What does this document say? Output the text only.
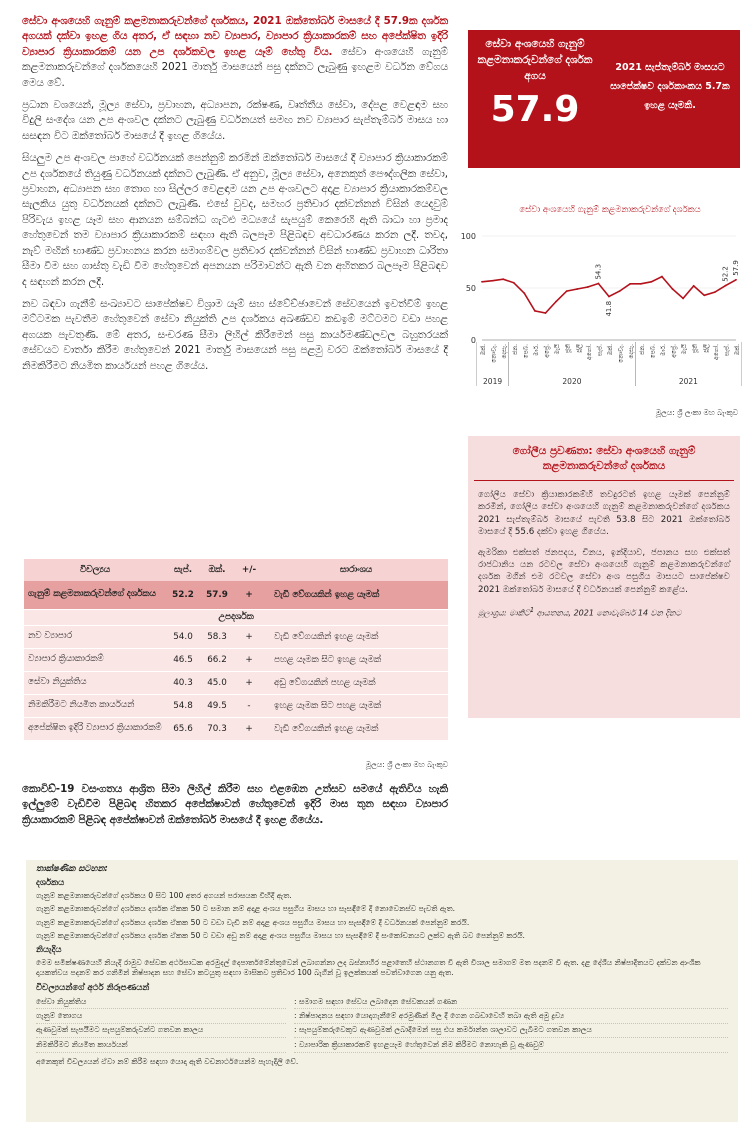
සේවා අංශයෙහි ගැනුම් කළමනාකරුවන්ගේ දර්ශකය, 2021 ඔක්තෝබර් මාසයේ දී 57.9ක දර්ශක අගයක් දක්වා ඉහළ ගිය අතර, ඒ සඳහා නව ව්‍යාපාර, ව්‍යාපාර ක්‍රියාකාරකම් සහ අපේක්ෂිත ඉදිරි ව්‍යාපාර ක්‍රියාකාරකම් යන උප දර්ශකවල ඉහළ යෑම් හේතු විය. සේවා අංශයෙහි ගැනුම් කළමනාකරුවන්ගේ දර්ශකයෙහි 2021 මාර්තු මාසයෙන් පසු දක්නට ලැබුණු ඉහළම වර්ධන වේගය මෙය වේ.

ප්‍රධාන වශයෙන්, මූල්‍ය සේවා, ප්‍රවාහන, අධ්‍යාපන, රක්ෂණ, වෘත්තීය සේවා, දේපළ වෙළඳාම සහ විදුලි සංදේශ යන උප අංශවල දක්නට ලැබුණු වර්ධනයත් සමඟ නව ව්‍යාපාර සැප්තැම්බර් මාසය හා සසඳන විට ඔක්තෝබර් මාසයේ දී ඉහළ ගියේය.

සියලුම උප අංශවල පාහේ වර්ධනයක් පෙන්නුම් කරමින් ඔක්තෝබර් මාසයේ දී ව්‍යාපාර ක්‍රියාකාරකම් උප දර්ශකයේ තියුණු වර්ධනයක් දක්නට ලැබුණි. ඒ අනුව, මූල්‍ය සේවා, අනෙකුත් පෞද්ගලික සේවා, ප්‍රවාහන, අධ්‍යාපන සහ තොග හා සිල්ලර වෙළඳාම යන උප අංශවලට අදාළ ව්‍යාපාර ක්‍රියාකාරකම්වල සැලකිය යුතු වර්ධනයක් දක්නට ලැබුණි. එසේ වුවද, සමහර ප්‍රතිචාර දක්වන්නන් විසින් යෙදවුම් පිරිවැය ඉහළ යෑම සහ ආනයන සම්බන්ධ ගැටළු මධ්‍යයේ සැපයුම් කෙරෙහි ඇති බාධා හා ප්‍රමාද හේතුවෙන් තම ව්‍යාපාර ක්‍රියාකාරකම් සඳහා ඇති බලපෑම පිළිබඳව අවධාරණය කරන ලදී. තවද, නැව් මඟින් භාණ්ඩ ප්‍රවාහනය කරන සමාගම්වල ප්‍රතිචාර දක්වන්නන් විසින් භාණ්ඩ ප්‍රවාහන ධාරිතා සීමා වීම සහ ගාස්තු වැඩි වීම හේතුවෙන් අපනයන පරිමාවන්ට ඇති වන අහිතකර බලපෑම පිළිබඳව ද සඳහන් කරන ලදී.

නව බඳවා ගැනීම් සංඛ්‍යාවට සාපේක්ෂව විශ්‍රාම යෑම් සහ ස්වේච්ඡාවෙන් සේවයෙන් ඉවත්වීම් ඉහළ මට්ටමක පැවතීම හේතුවෙන් සේවා නියුක්ති උප දර්ශකය අඛණ්ඩව කඩඉම් මට්ටමට වඩා පහළ අගයක පැවතුණි. මේ අතර, සංචරණ සීමා ලිහිල් කිරීමෙන් පසු කාර්යමණ්ඩලවල බහුතරයක් සේවයට වාර්තා කිරීම හේතුවෙන් 2021 මාර්තු මාසයෙන් පසු පළමු වරට ඔක්තෝබර් මාසයේ දී නිමකිරීමට නියමිත කාර්යයන් පහළ ගියේය.

සේවා අංශයෙහි ගැනුම් කළමනාකරුවන්ගේ දර්ශක අගය
57.9
2021 සැප්තැම්බර් මාසයට සාපේක්ෂව දර්ශකාංකය 5.7ක ඉහළ යෑමකි.
සේවා අංශයෙහි ගැනුම් කළමනාකරුවන්ගේ දර්ශකය
0
50
100
54.3
41.8
52.2 57.9
ඔක්. නොවැ. දෙසැ. ජන. පෙබ. මාර්. අප්‍රේ. මැයි ජූනි ජූලි අගෝ. සැප්. ඔක්. නොවැ. දෙසැ. ජන. පෙබ. මාර්. අප්‍රේ. මැයි ජූනි ජූලි අගෝ. සැප්. ඔක්.
2019	2020	2021
මූලය: ශ්‍රී ලංකා මහ බැංකුව
ගෝලීය ප්‍රවණතා: සේවා අංශයෙහි ගැනුම් කළමනාකරුවන්ගේ දර්ශකය

ගෝලීය සේවා ක්‍රියාකාරකම්හි තවදුරටත් ඉහළ යෑමක් පෙන්නුම් කරමින්, ගෝලීය සේවා අංශයෙහි ගැනුම් කළමනාකරුවන්ගේ දර්ශකය 2021 සැප්තැම්බර් මාසයේ පැවති 53.8 සිට 2021 ඔක්තෝබර් මාසයේ දී 55.6 දක්වා ඉහළ ගියේය.

ඇමරිකා එක්සත් ජනපදය, චීනය, ඉන්දියාව, ජපානය සහ එක්සත් රාජධානිය යන රටවල සේවා අංශයෙහි ගැනුම් කළමනාකරුවන්ගේ දර්ශක මගින් එම රටවල සේවා අංශ පසුගිය මාසයට සාපේක්ෂව 2021 ඔක්තෝබර් මාසයේ දී වර්ධනයක් පෙන්නුම් කළේය.

මූලාශ්‍රය: මාකිට්$^1$ ආයතනය, 2021 නොවැම්බර් 14 වන දිනට

විචල්‍යය	සැප්.	ඔක්.	+/-	සාරාංශය
ගැනුම් කළමනාකරුවන්ගේ දර්ශකය	52.2	57.9	+	වැඩි වේගයකින් ඉහළ යෑමක්
උපදර්ශක				
නව ව්‍යාපාර	54.0	58.3	+	වැඩි වේගයකින් ඉහළ යෑමක්
ව්‍යාපාර ක්‍රියාකාරකම්	46.5	66.2	+	පහළ යෑමක සිට ඉහළ යෑමක්
සේවා නියුක්තිය	40.3	45.0	+	අඩු වේගයකින් පහළ යෑමක්
නිමකිරීමට නියමිත කාර්යයන්	54.8	49.5	-	ඉහළ යෑමක සිට පහළ යෑමක්
අපේක්ෂිත ඉදිරි ව්‍යාපාර ක්‍රියාකාරකම්	65.6	70.3	+	වැඩි වේගයකින් ඉහළ යෑමක්
මූලය: ශ්‍රී ලංකා මහ බැංකුව
කොවිඩ්-19 වසංගතය ආශ්‍රිත සීමා ලිහිල් කිරීම සහ එළඹෙන උත්සව සමයේ ඇතිවිය හැකි ඉල්ලුමේ වැඩිවීම පිළිබඳ හිතකර අපේක්ෂාවන් හේතුවෙන් ඉදිරි මාස තුන සඳහා ව්‍යාපාර ක්‍රියාකාරකම් පිළිබඳ අපේක්ෂාවන් ඔක්තෝබර් මාසයේ දී ඉහළ ගියේය.
තාක්ෂණික සටහන:
දර්ශකය

ගැනුම් කළමනාකරුවන්ගේ දර්ශකය 0 සිට 100 අතර අගයන් පරාසයක විහිදී ඇත.

ගැනුම් කළමනාකරුවන්ගේ දර්ශකය දර්ශක ඒකක 50 ට සමාන නම් අදාළ අංශය පසුගිය මාසය හා සැසඳීමේ දී නොවෙනස්ව පැවති ඇත.

ගැනුම් කළමනාකරුවන්ගේ දර්ශකය දර්ශක ඒකක 50 ට වඩා වැඩි නම් අදාළ අංශය පසුගිය මාසය හා සැසඳීමේ දී වර්ධනයක් පෙන්නුම් කරයි.

ගැනුම් කළමනාකරුවන්ගේ දර්ශකය දර්ශක ඒකක 50 ට වඩා අඩු නම් අදාළ අංශය පසුගිය මාසය හා සැසඳීමේ දී සංකෝචනයට ලක්ව ඇති බව පෙන්නුම් කරයි.

නියැදිය

මෙම සමීක්ෂණයෙහි නියැදි රාමුව සේවක අර්ථසාධක අරමුදල් දෙපාර්තමේන්තුවෙන් ලබාගන්නා ලද බස්නාහිර පළාතෙහි ස්ථානගත වී ඇති විශාල සමාගම් මත පදනම් වී ඇත. දළ දේශීය නිෂ්පාදිතයට දක්වන ආංශික දායකත්වය පදනම් කර ගනිමින් නිෂ්පාදන සහ සේවා කටයුතු සඳහා මාසිකව ප්‍රතිචාර 100 බැගින් වූ ඉලක්කයක් පවත්වාගෙන යනු ඇත.

විචල්‍යයන්ගේ අර්ථ නිරූපණයන්
සේවා නියුක්තිය	: සමාගම සඳහා සේවය ලබාදෙන සේවකයන් ගණන
ගැනුම් තොගය	: නිෂ්පාදනය සඳහා යොදාගැනීමේ අරමුණින් මිල දී ගෙන ගබඩාවෙහි තබා ඇති අමු ද්‍රව්‍ය
ඇණවුමක් සැපයීමට සැපයුම්කරුවන්ට ගතවන කාලය	: සැපයුම්කරුවෙකුට ඇණවුමක් ලබාදීමෙන් පසු එය කර්මාන්ත ශාලාවට ලැබීමට ගතවන කාලය
නිමකිරීමට නියමිත කාර්යයන්	: ව්‍යාපාරික ක්‍රියාකාරකම් ඉහළයෑම හේතුවෙන් නිම කිරීමට නොහැකි වූ ඇණවුම්

අනෙකුත් විචල්‍යයන් ඒවා නම් කිරීම සඳහා යොදා ඇති වචනාර්ථයෙන්ම පැහැදිලි වේ.
